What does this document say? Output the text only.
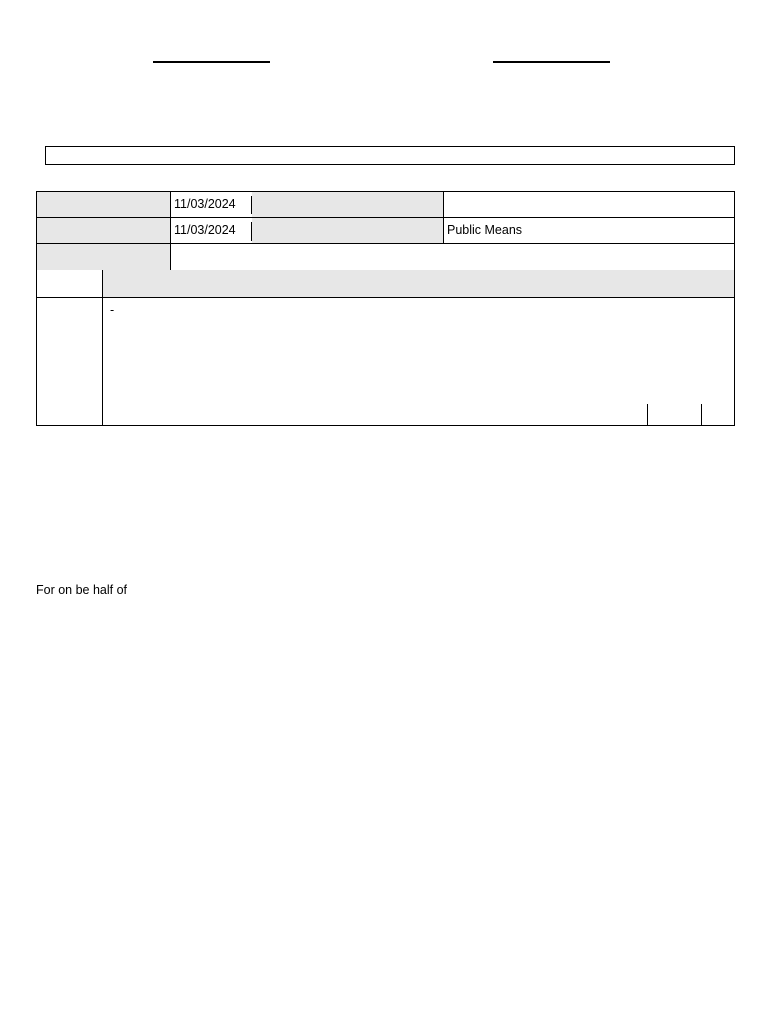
11/03/2024
11/03/2024	Public Means
-
For on be half of
